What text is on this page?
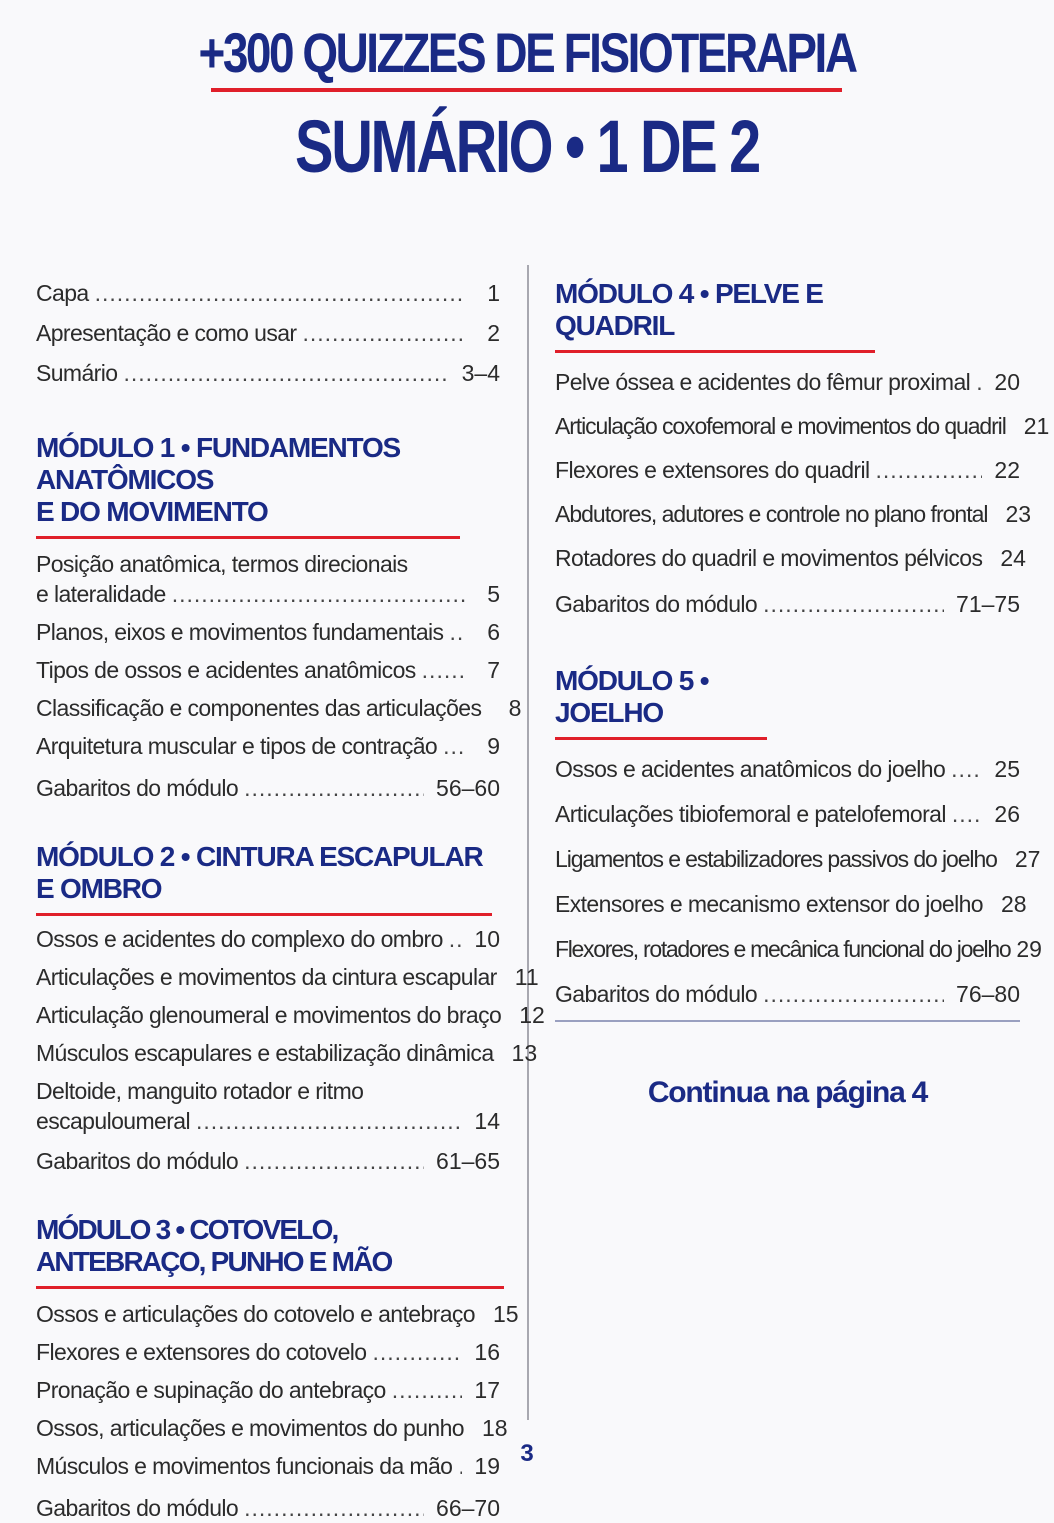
+300 QUIZZES DE FISIOTERAPIA
SUMÁRIO • 1 DE 2
Capa .....	1
Apresentação e como usar .....	2
Sumário .....	3–4
MÓDULO 1 • FUNDAMENTOS ANATÔMICOS
E DO MOVIMENTO
Posição anatômica, termos direcionais
e lateralidade .....	5
Planos, eixos e movimentos fundamentais .....	6
Tipos de ossos e acidentes anatômicos .....	7
Classificação e componentes das articulações	8
Arquitetura muscular e tipos de contração .....	9
Gabaritos do módulo .....	56–60
MÓDULO 2 • CINTURA ESCAPULAR E OMBRO
Ossos e acidentes do complexo do ombro ..... 10
Articulações e movimentos da cintura escapular 11
Articulação glenoumeral e movimentos do braço 12
Músculos escapulares e estabilização dinâmica 13
Deltoide, manguito rotador e ritmo
escapuloumeral .....	14
Gabaritos do módulo .....	61–65
MÓDULO 3 • COTOVELO, ANTEBRAÇO, PUNHO E MÃO
Ossos e articulações do cotovelo e antebraço 15
Flexores e extensores do cotovelo .....	16
Pronação e supinação do antebraço .....	17
Ossos, articulações e movimentos do punho 18
Músculos e movimentos funcionais da mão ..... 19
Gabaritos do módulo .....	66–70
MÓDULO 4 • PELVE E QUADRIL
Pelve óssea e acidentes do fêmur proximal ..... 20
Articulação coxofemoral e movimentos do quadril 21
Flexores e extensores do quadril .....	22
Abdutores, adutores e controle no plano frontal 23
Rotadores do quadril e movimentos pélvicos 24
Gabaritos do módulo .....	71–75
MÓDULO 5 • JOELHO
Ossos e acidentes anatômicos do joelho ..... 25
Articulações tibiofemoral e patelofemoral ..... 26
Ligamentos e estabilizadores passivos do joelho 27
Extensores e mecanismo extensor do joelho 28
Flexores, rotadores e mecânica funcional do joelho 29
Gabaritos do módulo .....	76–80
Continua na página 4
3
